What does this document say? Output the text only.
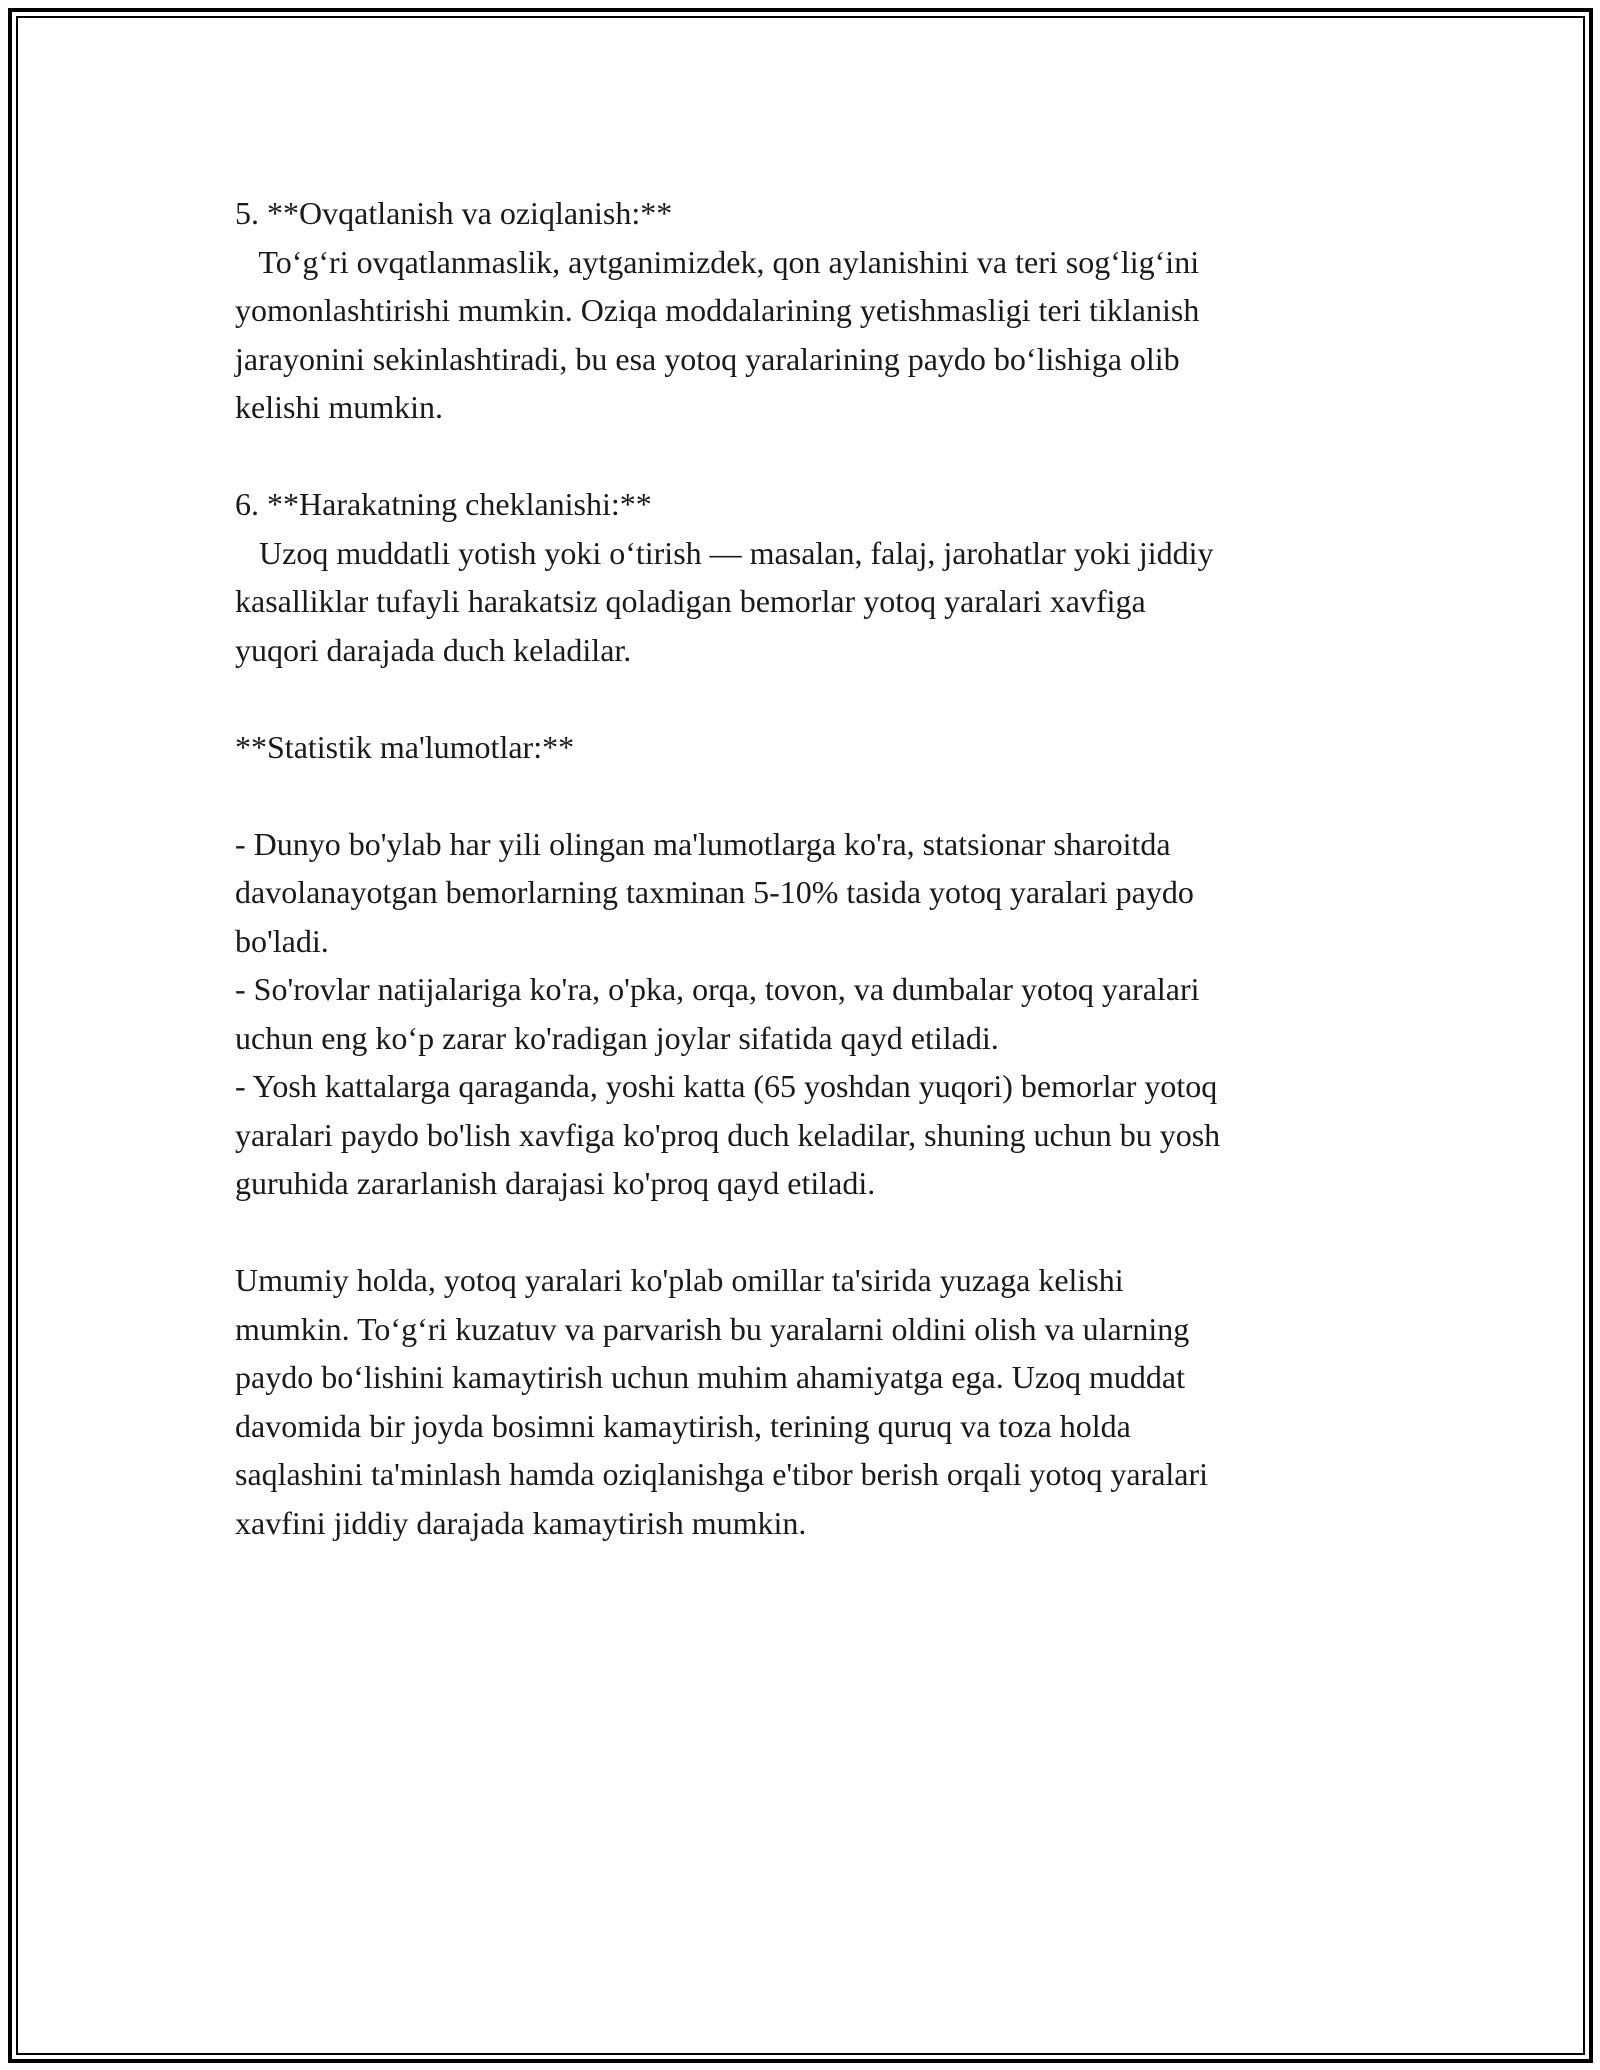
5. **Ovqatlanish va oziqlanish:**
To‘g‘ri ovqatlanmaslik, aytganimizdek, qon aylanishini va teri sog‘lig‘ini
yomonlashtirishi mumkin. Oziqa moddalarining yetishmasligi teri tiklanish
jarayonini sekinlashtiradi, bu esa yotoq yaralarining paydo bo‘lishiga olib
kelishi mumkin.
6. **Harakatning cheklanishi:**
Uzoq muddatli yotish yoki o‘tirish — masalan, falaj, jarohatlar yoki jiddiy
kasalliklar tufayli harakatsiz qoladigan bemorlar yotoq yaralari xavfiga
yuqori darajada duch keladilar.
**Statistik ma'lumotlar:**
- Dunyo bo'ylab har yili olingan ma'lumotlarga ko'ra, statsionar sharoitda
davolanayotgan bemorlarning taxminan 5-10% tasida yotoq yaralari paydo
bo'ladi.
- So'rovlar natijalariga ko'ra, o'pka, orqa, tovon, va dumbalar yotoq yaralari
uchun eng ko‘p zarar ko'radigan joylar sifatida qayd etiladi.
- Yosh kattalarga qaraganda, yoshi katta (65 yoshdan yuqori) bemorlar yotoq
yaralari paydo bo'lish xavfiga ko'proq duch keladilar, shuning uchun bu yosh
guruhida zararlanish darajasi ko'proq qayd etiladi.
Umumiy holda, yotoq yaralari ko'plab omillar ta'sirida yuzaga kelishi
mumkin. To‘g‘ri kuzatuv va parvarish bu yaralarni oldini olish va ularning
paydo bo‘lishini kamaytirish uchun muhim ahamiyatga ega. Uzoq muddat
davomida bir joyda bosimni kamaytirish, terining quruq va toza holda
saqlashini ta'minlash hamda oziqlanishga e'tibor berish orqali yotoq yaralari
xavfini jiddiy darajada kamaytirish mumkin.
